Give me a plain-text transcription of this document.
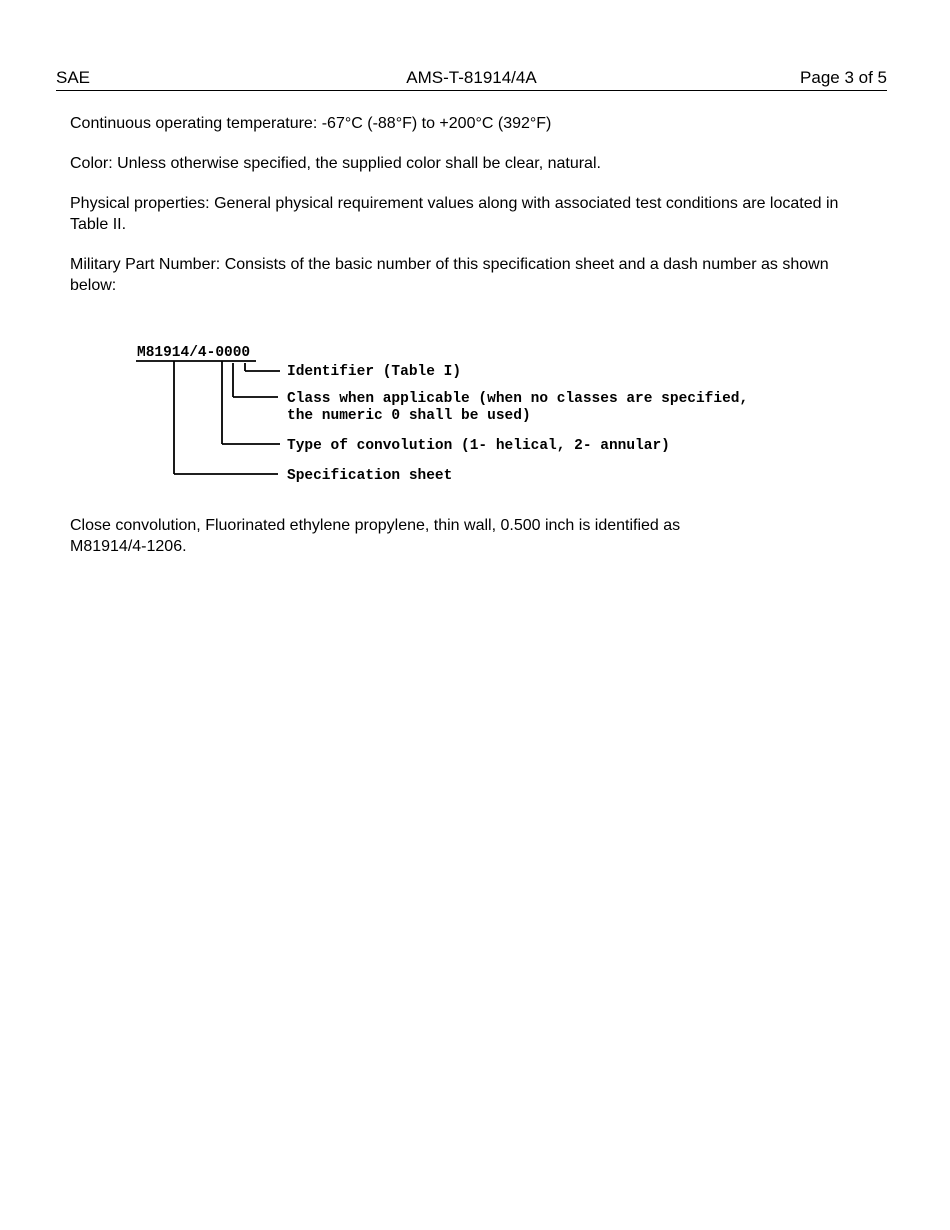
SAE	AMS-T-81914/4A	Page 3 of 5
Continuous operating temperature: -67°C (-88°F) to +200°C (392°F)
Color: Unless otherwise specified, the supplied color shall be clear, natural.
Physical properties: General physical requirement values along with associated test conditions are located in Table II.
Military Part Number: Consists of the basic number of this specification sheet and a dash number as shown below:
M81914/4-0000
Identifier (Table I)
Class when applicable (when no classes are specified,
the numeric 0 shall be used)
Type of convolution (1- helical, 2- annular)
Specification sheet
Close convolution, Fluorinated ethylene propylene, thin wall, 0.500 inch is identified as M81914/4-1206.
